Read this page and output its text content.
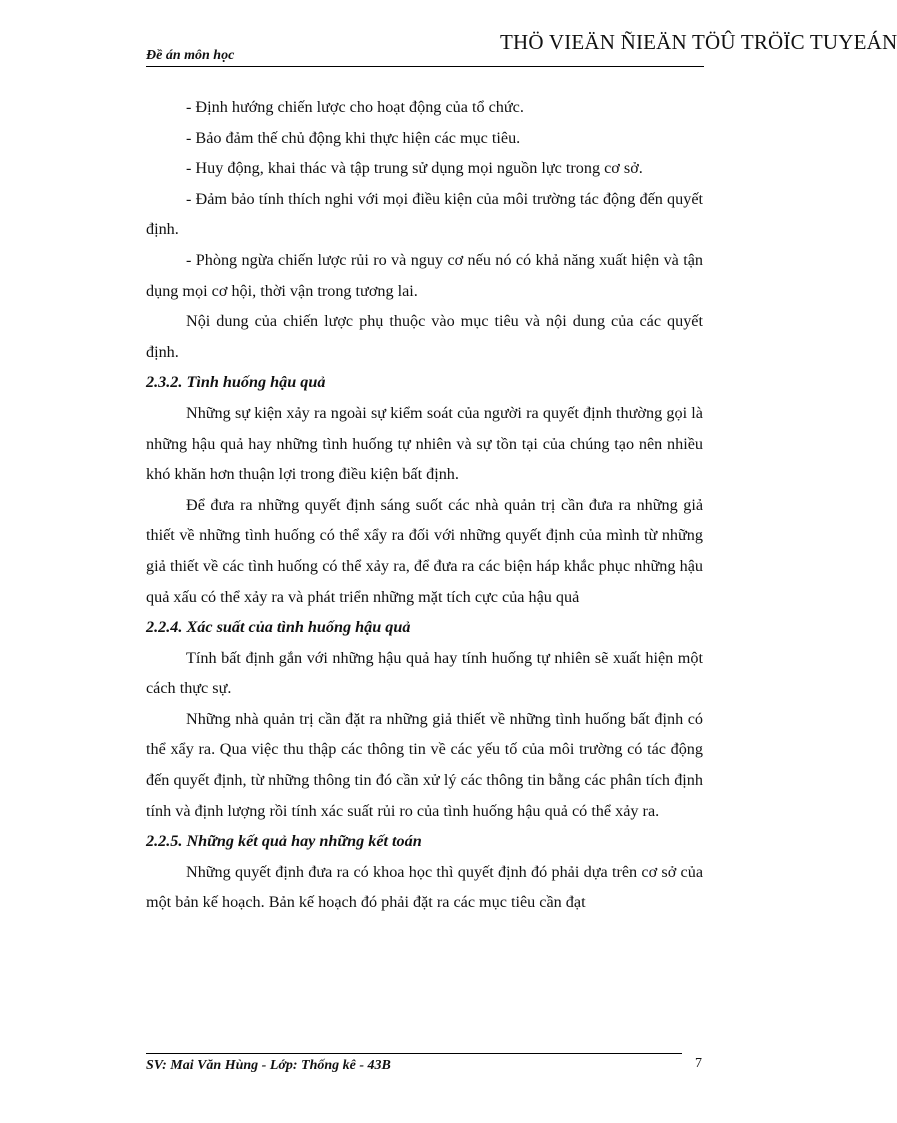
Đề án môn học
THÖ VIEÄN ÑIEÄN TÖÛ TRÖÏC TUYEÁN

- Định hướng chiến lược cho hoạt động của tổ chức.

- Bảo đảm thế chủ động khi thực hiện các mục tiêu.

- Huy động, khai thác và tập trung sử dụng mọi nguồn lực trong cơ sở.

- Đảm bảo tính thích nghi với mọi điều kiện của môi trường tác động đến quyết định.

- Phòng ngừa chiến lược rủi ro và nguy cơ nếu nó có khả năng xuất hiện và tận dụng mọi cơ hội, thời vận trong tương lai.

Nội dung của chiến lược phụ thuộc vào mục tiêu và nội dung của các quyết định.

2.3.2. Tình huống hậu quả

Những sự kiện xảy ra ngoài sự kiểm soát của người ra quyết định thường gọi là những hậu quả hay những tình huống tự nhiên và sự tồn tại của chúng tạo nên nhiều khó khăn hơn thuận lợi trong điều kiện bất định.

Để đưa ra những quyết định sáng suốt các nhà quản trị cần đưa ra những giả thiết về những tình huống có thể xẩy ra đối với những quyết định của mình từ những giả thiết về các tình huống có thể xảy ra, để đưa ra các biện háp khắc phục những hậu quả xấu có thể xảy ra và phát triển những mặt tích cực của hậu quả

2.2.4. Xác suất của tình huống hậu quả

Tính bất định gắn với những hậu quả hay tính huống tự nhiên sẽ xuất hiện một cách thực sự.

Những nhà quản trị cần đặt ra những giả thiết về những tình huống bất định có thể xẩy ra. Qua việc thu thập các thông tin về các yếu tố của môi trường có tác động đến quyết định, từ những thông tin đó cần xử lý các thông tin bằng các phân tích định tính và định lượng rồi tính xác suất rủi ro của tình huống hậu quả có thể xảy ra.

2.2.5. Những kết quả hay những kết toán

Những quyết định đưa ra có khoa học thì quyết định đó phải dựa trên cơ sở của một bản kế hoạch. Bản kế hoạch đó phải đặt ra các mục tiêu cần đạt

SV: Mai Văn Hùng - Lớp: Thống kê - 43B	7
